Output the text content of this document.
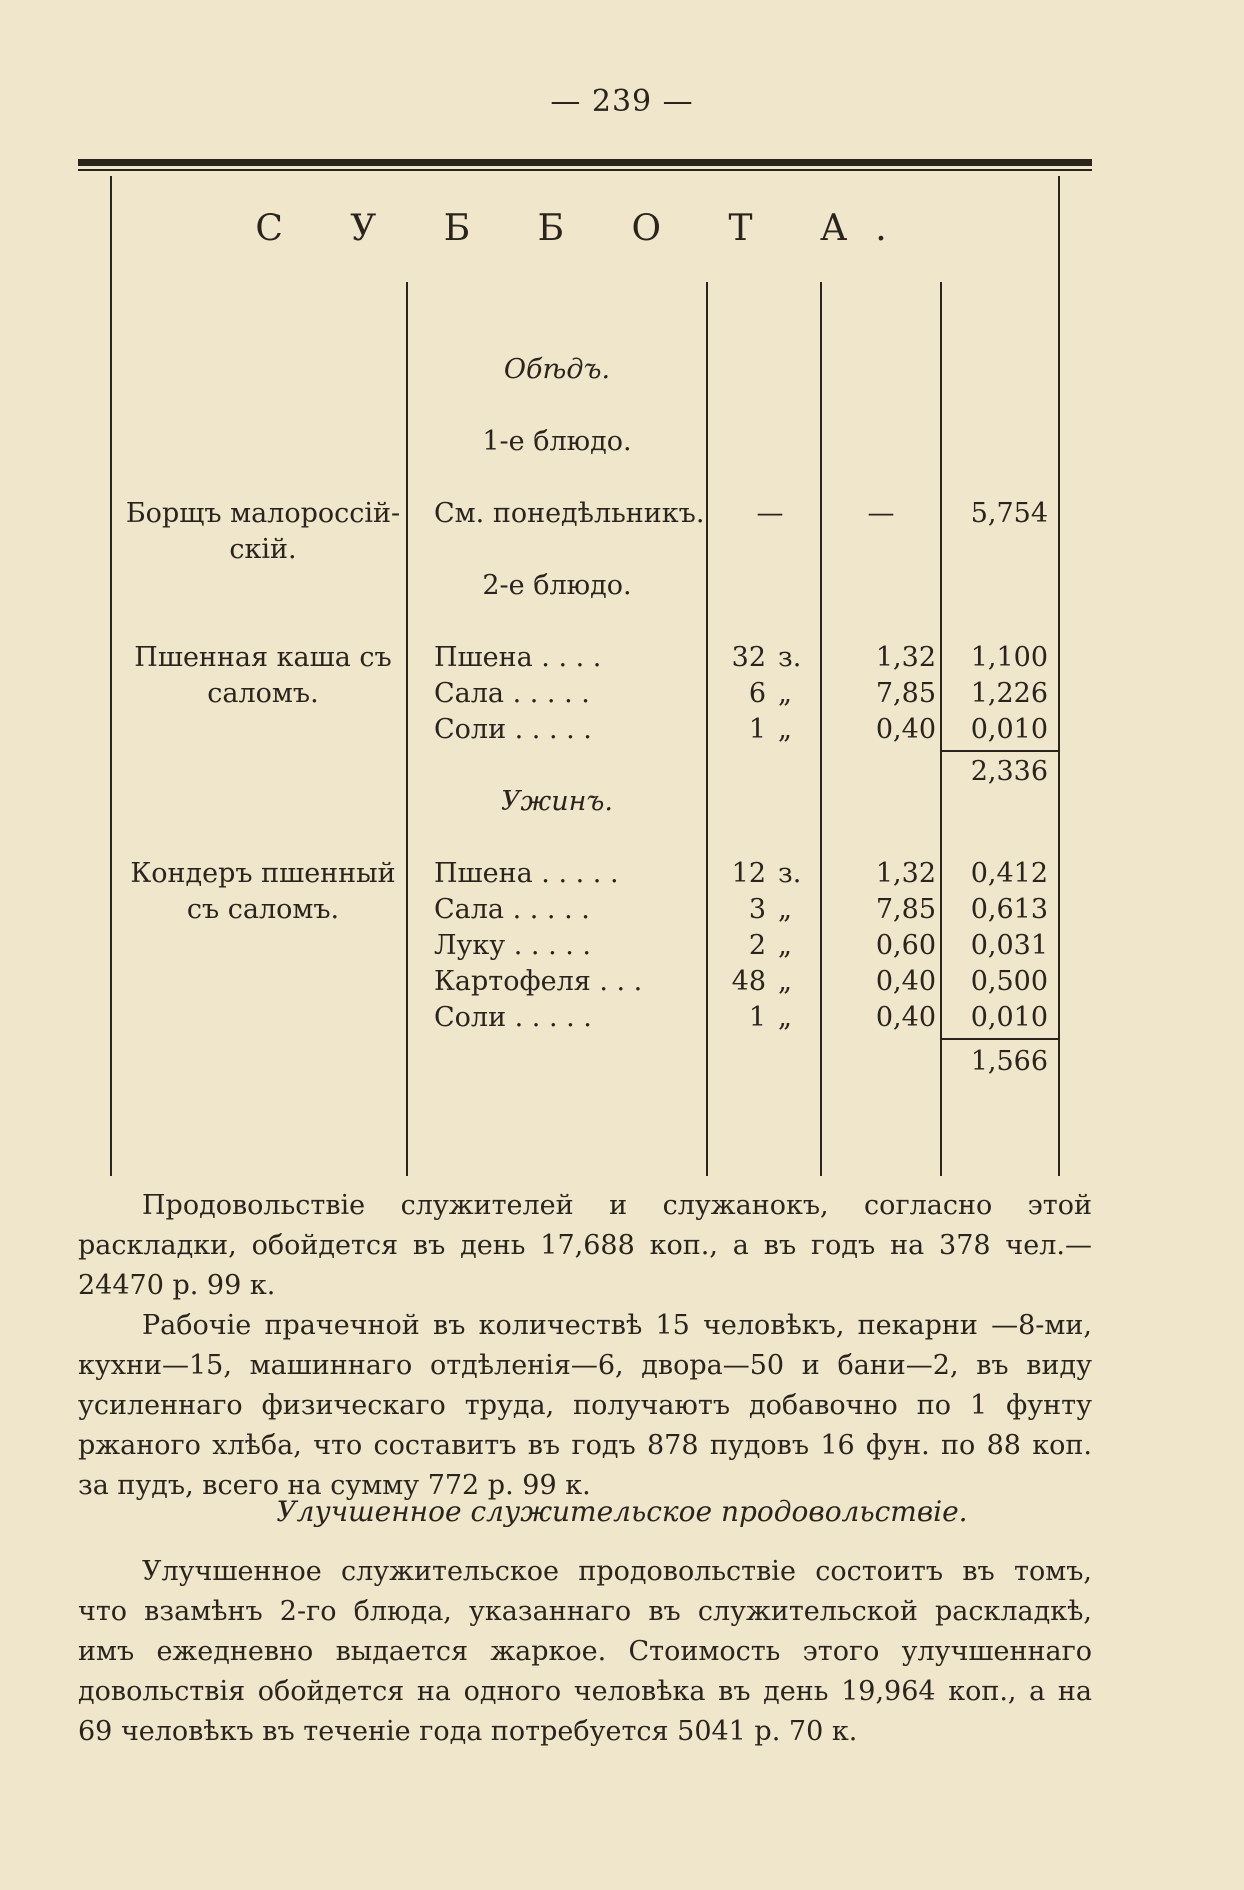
— 239 —
С У Б Б О Т А.
Обѣдъ.
1-е блюдо.
Борщъ малороссій-скій.
См. понедѣльникъ.	—	—	5,754
2-е блюдо.
Пшенная каша съ саломъ.
Пшена . . . .	32 з.	1,32	1,100
Сала . . . . .	6 „	7,85	1,226
Соли . . . . .	1 „	0,40	0,010
2,336
Ужинъ.
Кондеръ пшенный съ саломъ.
Пшена . . . . .	12 з.	1,32	0,412
Сала . . . . .	3 „	7,85	0,613
Луку . . . . .	2 „	0,60	0,031
Картофеля . . .	48 „	0,40	0,500
Соли . . . . .	1 „	0,40	0,010
1,566

Продовольствіе служителей и служанокъ, согласно этой раскладки, обойдется въ день 17,688 коп., а въ годъ на 378 чел.—24470 р. 99 к.

Рабочіе прачечной въ количествѣ 15 человѣкъ, пекарни —8-ми, кухни—15, машиннаго отдѣленія—6, двора—50 и бани—2, въ виду усиленнаго физическаго труда, получаютъ добавочно по 1 фунту ржаного хлѣба, что составитъ въ годъ 878 пудовъ 16 фун. по 88 коп. за пудъ, всего на сумму 772 р. 99 к.

Улучшенное служительское продовольствіе.

Улучшенное служительское продовольствіе состоитъ въ томъ, что взамѣнъ 2-го блюда, указаннаго въ служительской раскладкѣ, имъ ежедневно выдается жаркое. Стоимость этого улучшеннаго довольствія обойдется на одного человѣка въ день 19,964 коп., а на 69 человѣкъ въ теченіе года потребуется 5041 р. 70 к.
